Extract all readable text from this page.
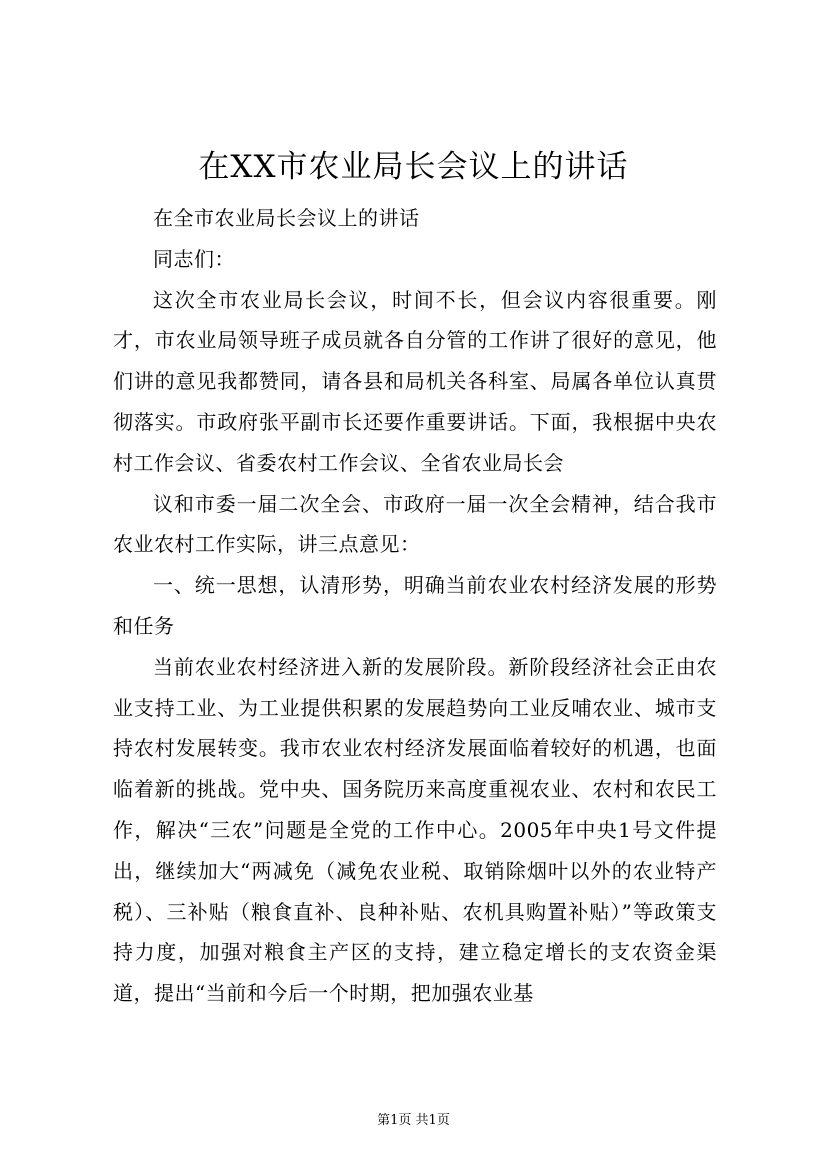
在XX市农业局长会议上的讲话

在全市农业局长会议上的讲话

同志们：

这次全市农业局长会议，时间不长，但会议内容很重要。刚才，市农业局领导班子成员就各自分管的工作讲了很好的意见，他们讲的意见我都赞同，请各县和局机关各科室、局属各单位认真贯彻落实。市政府张平副市长还要作重要讲话。下面，我根据中央农村工作会议、省委农村工作会议、全省农业局长会

议和市委一届二次全会、市政府一届一次全会精神，结合我市农业农村工作实际，讲三点意见：

一、统一思想，认清形势，明确当前农业农村经济发展的形势和任务

当前农业农村经济进入新的发展阶段。新阶段经济社会正由农业支持工业、为工业提供积累的发展趋势向工业反哺农业、城市支持农村发展转变。我市农业农村经济发展面临着较好的机遇，也面临着新的挑战。党中央、国务院历来高度重视农业、农村和农民工作，解决“三农”问题是全党的工作中心。2005年中央1号文件提出，继续加大“两减免（减免农业税、取销除烟叶以外的农业特产税）、三补贴（粮食直补、良种补贴、农机具购置补贴）”等政策支持力度，加强对粮食主产区的支持，建立稳定增长的支农资金渠道，提出“当前和今后一个时期，把加强农业基

第1页 共1页
